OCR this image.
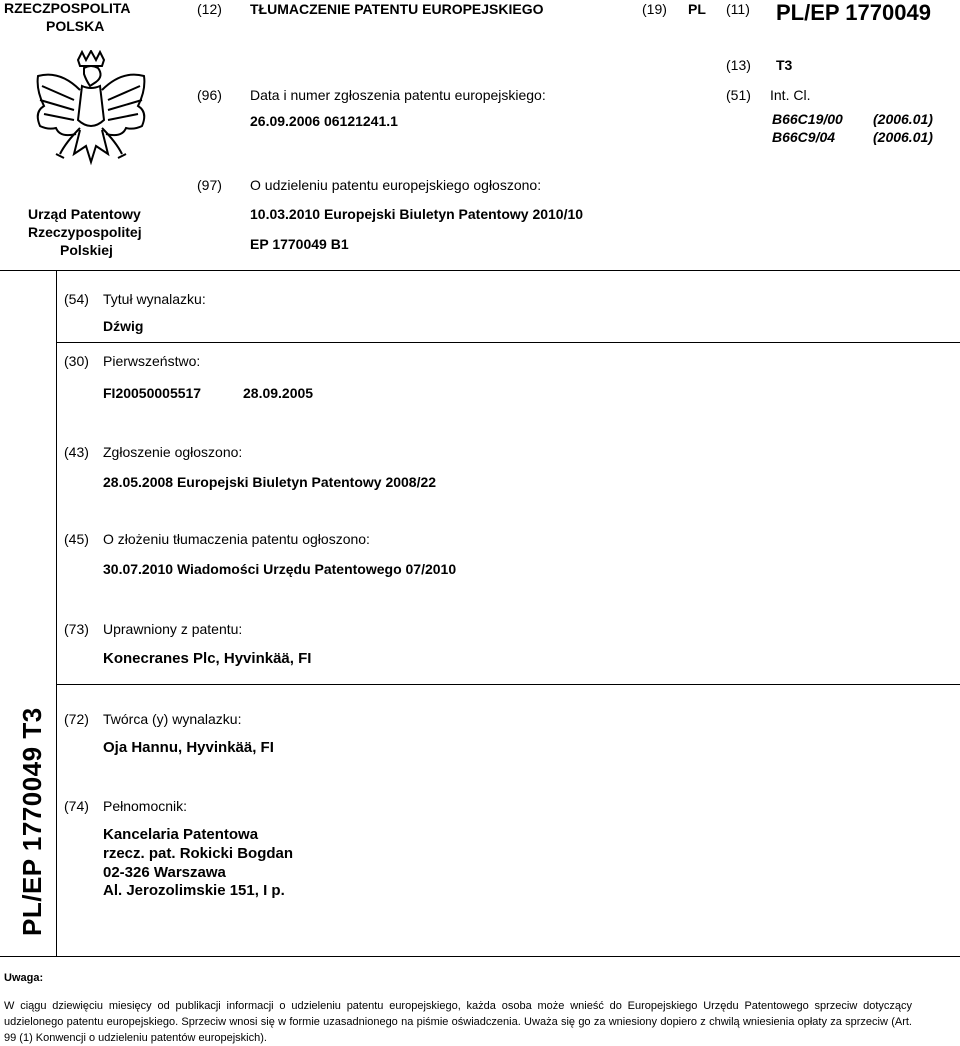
RZECZPOSPOLITA
POLSKA
(12) TŁUMACZENIE PATENTU EUROPEJSKIEGO	(19) PL (11) PL/EP 1770049
Urząd Patentowy
Rzeczypospolitej
Polskiej
(13) T3
(96) Data i numer zgłoszenia patentu europejskiego:
26.09.2006 06121241.1
(51) Int. Cl.
B66C19/00 (2006.01)
B66C9/04	(2006.01)
(97) O udzieleniu patentu europejskiego ogłoszono:
10.03.2010 Europejski Biuletyn Patentowy 2010/10
EP 1770049 B1
(54) Tytuł wynalazku:
Dźwig
(30) Pierwszeństwo:
FI20050005517	28.09.2005
(43) Zgłoszenie ogłoszono:
28.05.2008 Europejski Biuletyn Patentowy 2008/22
(45) O złożeniu tłumaczenia patentu ogłoszono:
30.07.2010 Wiadomości Urzędu Patentowego 07/2010
(73) Uprawniony z patentu:
Konecranes Plc, Hyvinkää, FI
(72) Twórca (y) wynalazku:
Oja Hannu, Hyvinkää, FI
(74) Pełnomocnik:
Kancelaria Patentowa
rzecz. pat. Rokicki Bogdan
02-326 Warszawa
Al. Jerozolimskie 151, I p.
PL/EP 1770049 T3
Uwaga:
W ciągu dziewięciu miesięcy od publikacji informacji o udzieleniu patentu europejskiego, każda osoba może wnieść do Europejskiego Urzędu Patentowego sprzeciw dotyczący udzielonego patentu europejskiego. Sprzeciw wnosi się w formie uzasadnionego na piśmie oświadczenia. Uważa się go za wniesiony dopiero z chwilą wniesienia opłaty za sprzeciw (Art. 99 (1) Konwencji o udzieleniu patentów europejskich).
